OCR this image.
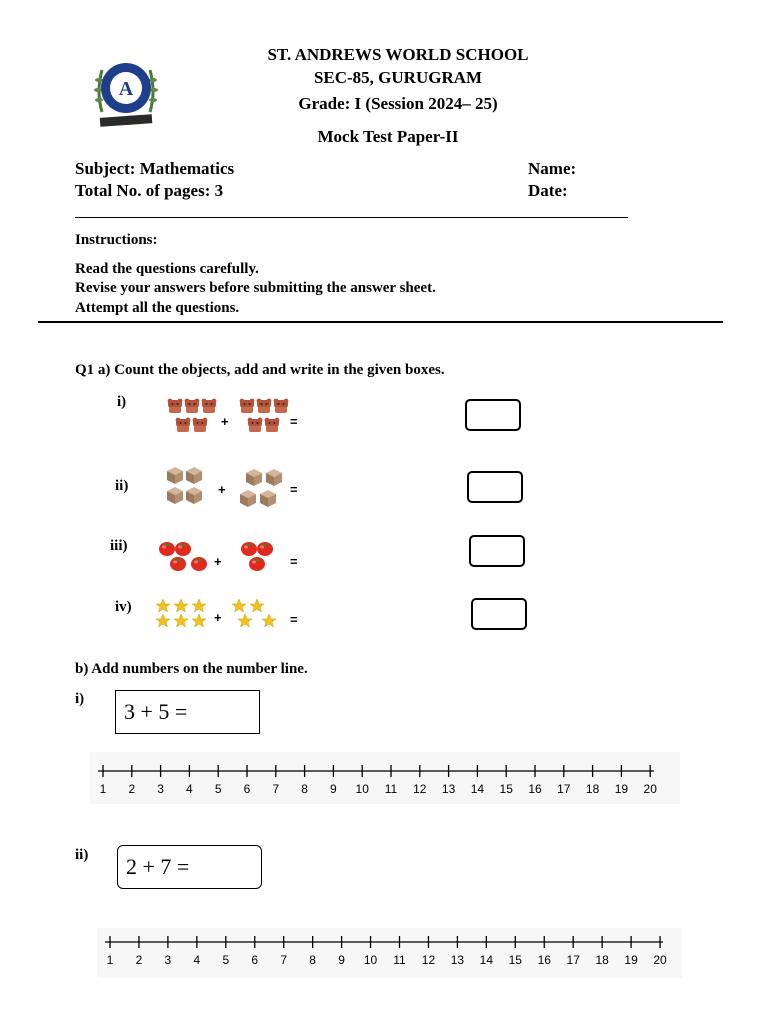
A
ST. ANDREWS WORLD SCHOOL
SEC-85, GURUGRAM
Grade: I (Session 2024– 25)
Mock Test Paper-II
Subject: Mathematics
Total No. of pages: 3
Name:
Date:
Instructions:
Read the questions carefully.
Revise your answers before submitting the answer sheet.
Attempt all the questions.
Q1 a) Count the objects, add and write in the given boxes.
i)
+	=
ii)	+	=
iii)
+	=
iv)
+	=
b) Add numbers on the number line.
i)	3 + 5 =
1 2 3 4 5 6 7 8 9 10 11 12 13 14 15 16 17 18 19 20
ii)	2 + 7 =
1 2 3 4 5 6 7 8 9 10 11 12 13 14 15 16 17 18 19 20
